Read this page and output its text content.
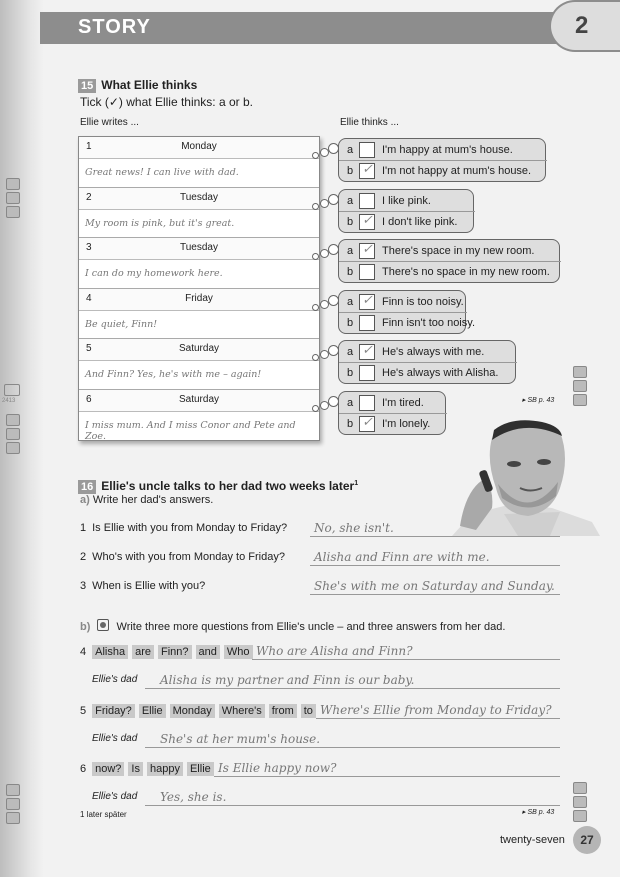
STORY	2
15 What Ellie thinks
Tick (✓) what Ellie thinks: a or b.
Ellie writes ...	Ellie thinks ...
1	Monday
Great news! I can live with dad.
2	Tuesday
My room is pink, but it's great.
3	Tuesday
I can do my homework here.
4	Friday
Be quiet, Finn!
5	Saturday
And Finn? Yes, he's with me – again!
6	Saturday
I miss mum. And I miss Conor and Pete and Zoe.
a	I'm happy at mum's house.
b ✓ I'm not happy at mum's house.
a	I like pink.
b ✓ I don't like pink.
a ✓ There's space in my new room.
b	There's no space in my new room.
a ✓ Finn is too noisy.
b	Finn isn't too noisy.
a ✓ He's always with me.
b	He's always with Alisha.
a	I'm tired.
b ✓ I'm lonely.
▸ SB p. 43
16 Ellie's uncle talks to her dad two weeks later$^1$
a) Write her dad's answers.
1 Is Ellie with you from Monday to Friday? No, she isn't.
2 Who's with you from Monday to Friday? Alisha and Finn are with me.
3 When is Ellie with you?	She's with me on Saturday and Sunday.
b) Write three more questions from Ellie's uncle – and three answers from her dad.
4 Alisha are Finn? and Who Who are Alisha and Finn?
Ellie's dad Alisha is my partner and Finn is our baby.
5 Friday? Ellie Monday Where's from to Where's Ellie from Monday to Friday?
Ellie's dad She's at her mum's house.
6 now? Is happy Ellie Is Ellie happy now?
Ellie's dad Yes, she is.
▸ SB p. 43
2413
1 later später
twenty-seven	27
